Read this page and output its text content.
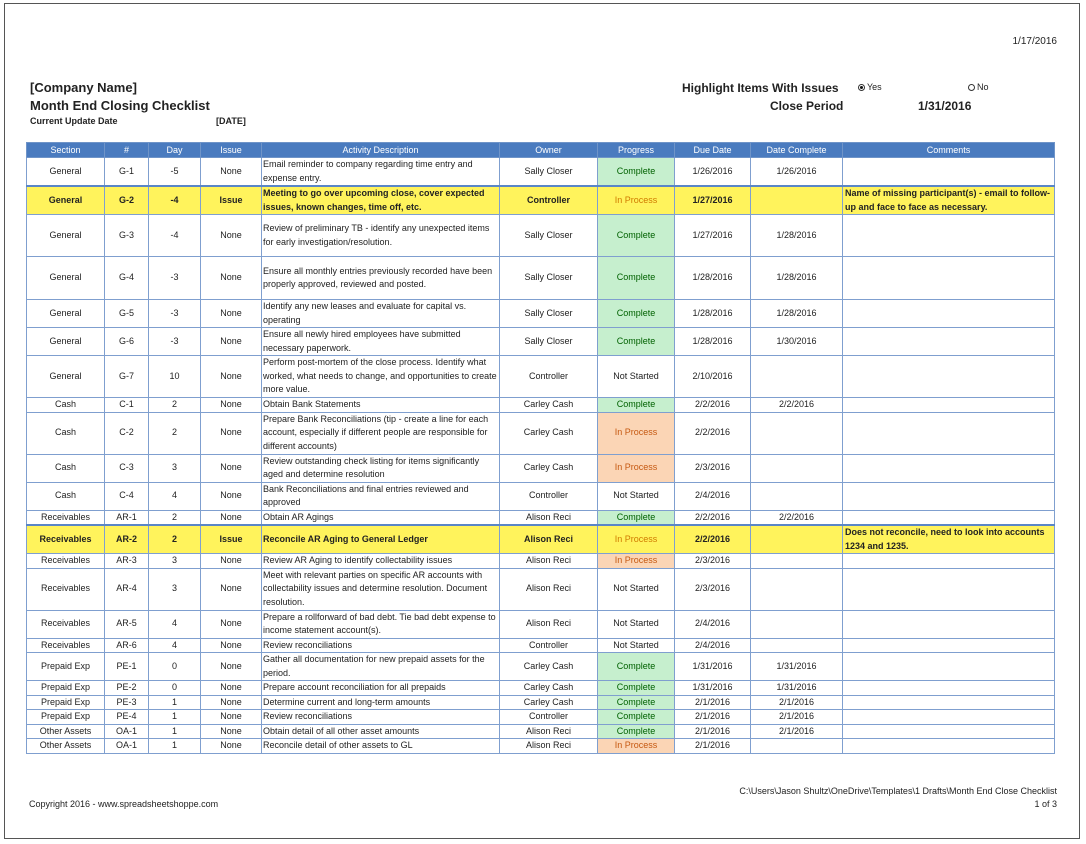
1/17/2016
[Company Name]
Month End Closing Checklist
Current Update Date	[DATE]
Highlight Items With Issues	Yes	No
Close Period	1/31/2016
Section	#	Day	Issue	Activity Description	Owner	Progress	Due Date	Date Complete	Comments
General	G-1	-5	None	Email reminder to company regarding time entry and expense entry.	Sally Closer	Complete	1/26/2016	1/26/2016	
General	G-2	-4	Issue	Meeting to go over upcoming close, cover expected issues, known changes, time off, etc.	Controller	In Process	1/27/2016		Name of missing participant(s) - email to follow-up and face to face as necessary.
General	G-3	-4	None	Review of preliminary TB - identify any unexpected items for early investigation/resolution.	Sally Closer	Complete	1/27/2016	1/28/2016	
General	G-4	-3	None	Ensure all monthly entries previously recorded have been properly approved, reviewed and posted.	Sally Closer	Complete	1/28/2016	1/28/2016	
General	G-5	-3	None	Identify any new leases and evaluate for capital vs. operating	Sally Closer	Complete	1/28/2016	1/28/2016	
General	G-6	-3	None	Ensure all newly hired employees have submitted necessary paperwork.	Sally Closer	Complete	1/28/2016	1/30/2016	
General	G-7	10	None	Perform post-mortem of the close process. Identify what worked, what needs to change, and opportunities to create more value.	Controller	Not Started	2/10/2016		
Cash	C-1	2	None	Obtain Bank Statements	Carley Cash	Complete	2/2/2016	2/2/2016	
Cash	C-2	2	None	Prepare Bank Reconciliations (tip - create a line for each account, especially if different people are responsible for different accounts)	Carley Cash	In Process	2/2/2016		
Cash	C-3	3	None	Review outstanding check listing for items significantly aged and determine resolution	Carley Cash	In Process	2/3/2016		
Cash	C-4	4	None	Bank Reconciliations and final entries reviewed and approved	Controller	Not Started	2/4/2016		
Receivables	AR-1	2	None	Obtain AR Agings	Alison Reci	Complete	2/2/2016	2/2/2016	
Receivables	AR-2	2	Issue	Reconcile AR Aging to General Ledger	Alison Reci	In Process	2/2/2016		Does not reconcile, need to look into accounts 1234 and 1235.
Receivables	AR-3	3	None	Review AR Aging to identify collectability issues	Alison Reci	In Process	2/3/2016		
Receivables	AR-4	3	None	Meet with relevant parties on specific AR accounts with collectability issues and determine resolution. Document resolution.	Alison Reci	Not Started	2/3/2016		
Receivables	AR-5	4	None	Prepare a rollforward of bad debt. Tie bad debt expense to income statement account(s).	Alison Reci	Not Started	2/4/2016		
Receivables	AR-6	4	None	Review reconciliations	Controller	Not Started	2/4/2016		
Prepaid Exp	PE-1	0	None	Gather all documentation for new prepaid assets for the period.	Carley Cash	Complete	1/31/2016	1/31/2016	
Prepaid Exp	PE-2	0	None	Prepare account reconciliation for all prepaids	Carley Cash	Complete	1/31/2016	1/31/2016	
Prepaid Exp	PE-3	1	None	Determine current and long-term amounts	Carley Cash	Complete	2/1/2016	2/1/2016	
Prepaid Exp	PE-4	1	None	Review reconciliations	Controller	Complete	2/1/2016	2/1/2016	
Other Assets	OA-1	1	None	Obtain detail of all other asset amounts	Alison Reci	Complete	2/1/2016	2/1/2016	
Other Assets	OA-1	1	None	Reconcile detail of other assets to GL	Alison Reci	In Process	2/1/2016		
C:\Users\Jason Shultz\OneDrive\Templates\1 Drafts\Month End Close Checklist
1 of 3
Copyright 2016 - www.spreadsheetshoppe.com
